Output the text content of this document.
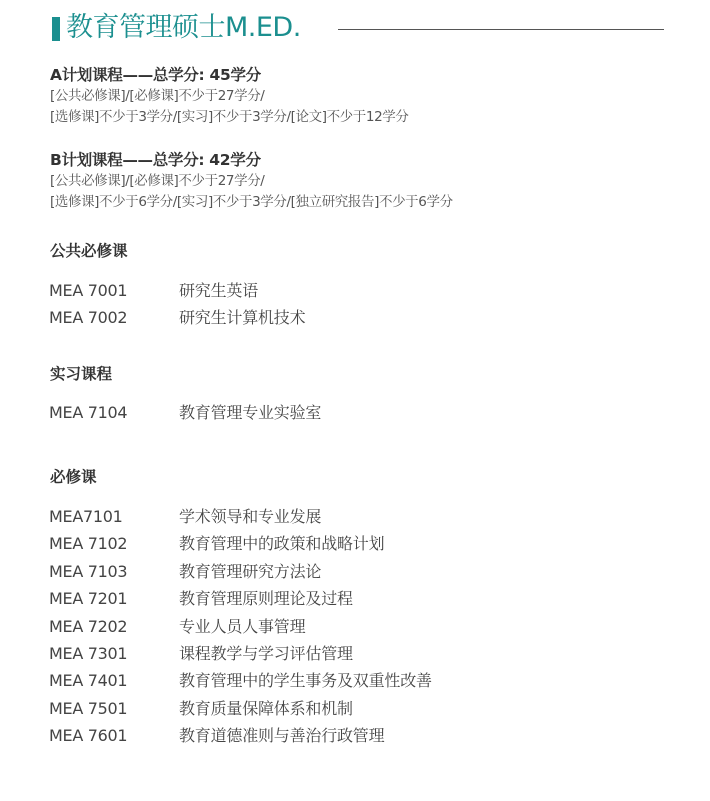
教育管理硕士M.ED.
A计划课程——总学分: 45学分
[公共必修课]/[必修课]不少于27学分/
[选修课]不少于3学分/[实习]不少于3学分/[论文]不少于12学分
B计划课程——总学分: 42学分
[公共必修课]/[必修课]不少于27学分/
[选修课]不少于6学分/[实习]不少于3学分/[独立研究报告]不少于6学分
公共必修课
MEA 7001	研究生英语
MEA 7002	研究生计算机技术
实习课程
MEA 7104	教育管理专业实验室
必修课
MEA7101	学术领导和专业发展
MEA 7102	教育管理中的政策和战略计划
MEA 7103	教育管理研究方法论
MEA 7201	教育管理原则理论及过程
MEA 7202	专业人员人事管理
MEA 7301	课程教学与学习评估管理
MEA 7401	教育管理中的学生事务及双重性改善
MEA 7501	教育质量保障体系和机制
MEA 7601	教育道德准则与善治行政管理
